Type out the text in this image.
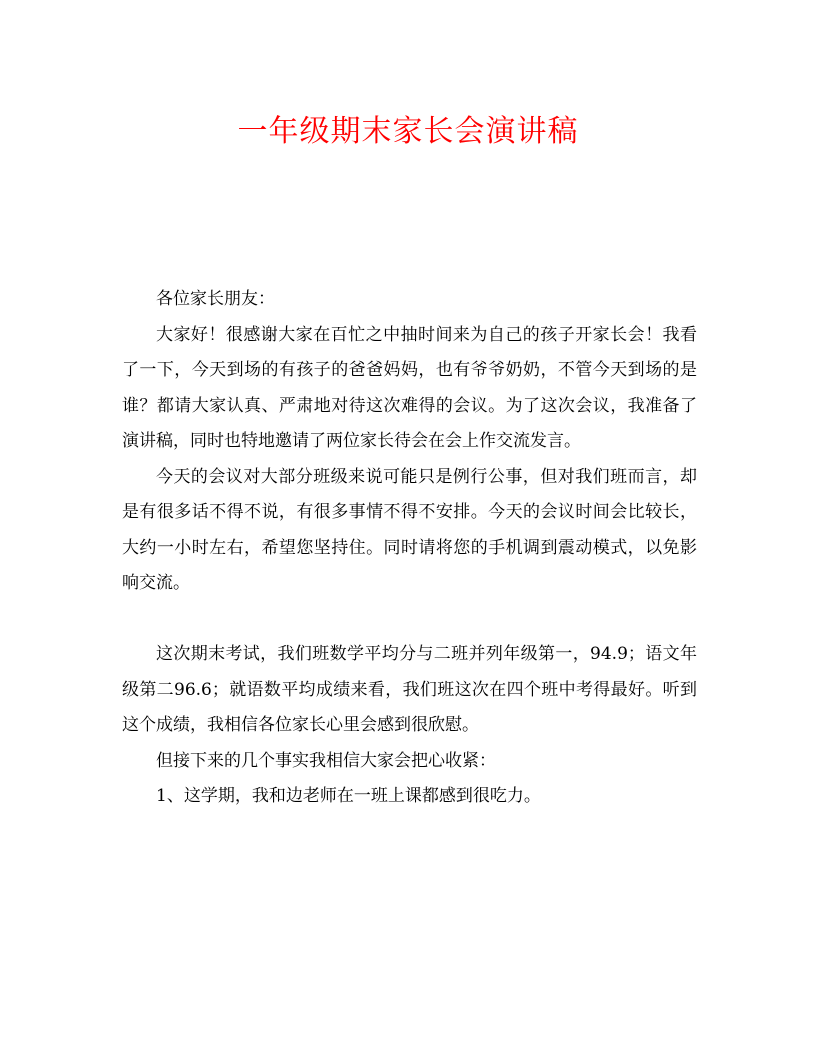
一年级期末家长会演讲稿

各位家长朋友：

大家好！很感谢大家在百忙之中抽时间来为自己的孩子开家长会！我看了一下，今天到场的有孩子的爸爸妈妈，也有爷爷奶奶，不管今天到场的是谁？都请大家认真、严肃地对待这次难得的会议。为了这次会议，我准备了演讲稿，同时也特地邀请了两位家长待会在会上作交流发言。

今天的会议对大部分班级来说可能只是例行公事，但对我们班而言，却是有很多话不得不说，有很多事情不得不安排。今天的会议时间会比较长，大约一小时左右，希望您坚持住。同时请将您的手机调到震动模式，以免影响交流。

这次期末考试，我们班数学平均分与二班并列年级第一，94.9；语文年级第二96.6；就语数平均成绩来看，我们班这次在四个班中考得最好。听到这个成绩，我相信各位家长心里会感到很欣慰。

但接下来的几个事实我相信大家会把心收紧：

1、这学期，我和边老师在一班上课都感到很吃力。
